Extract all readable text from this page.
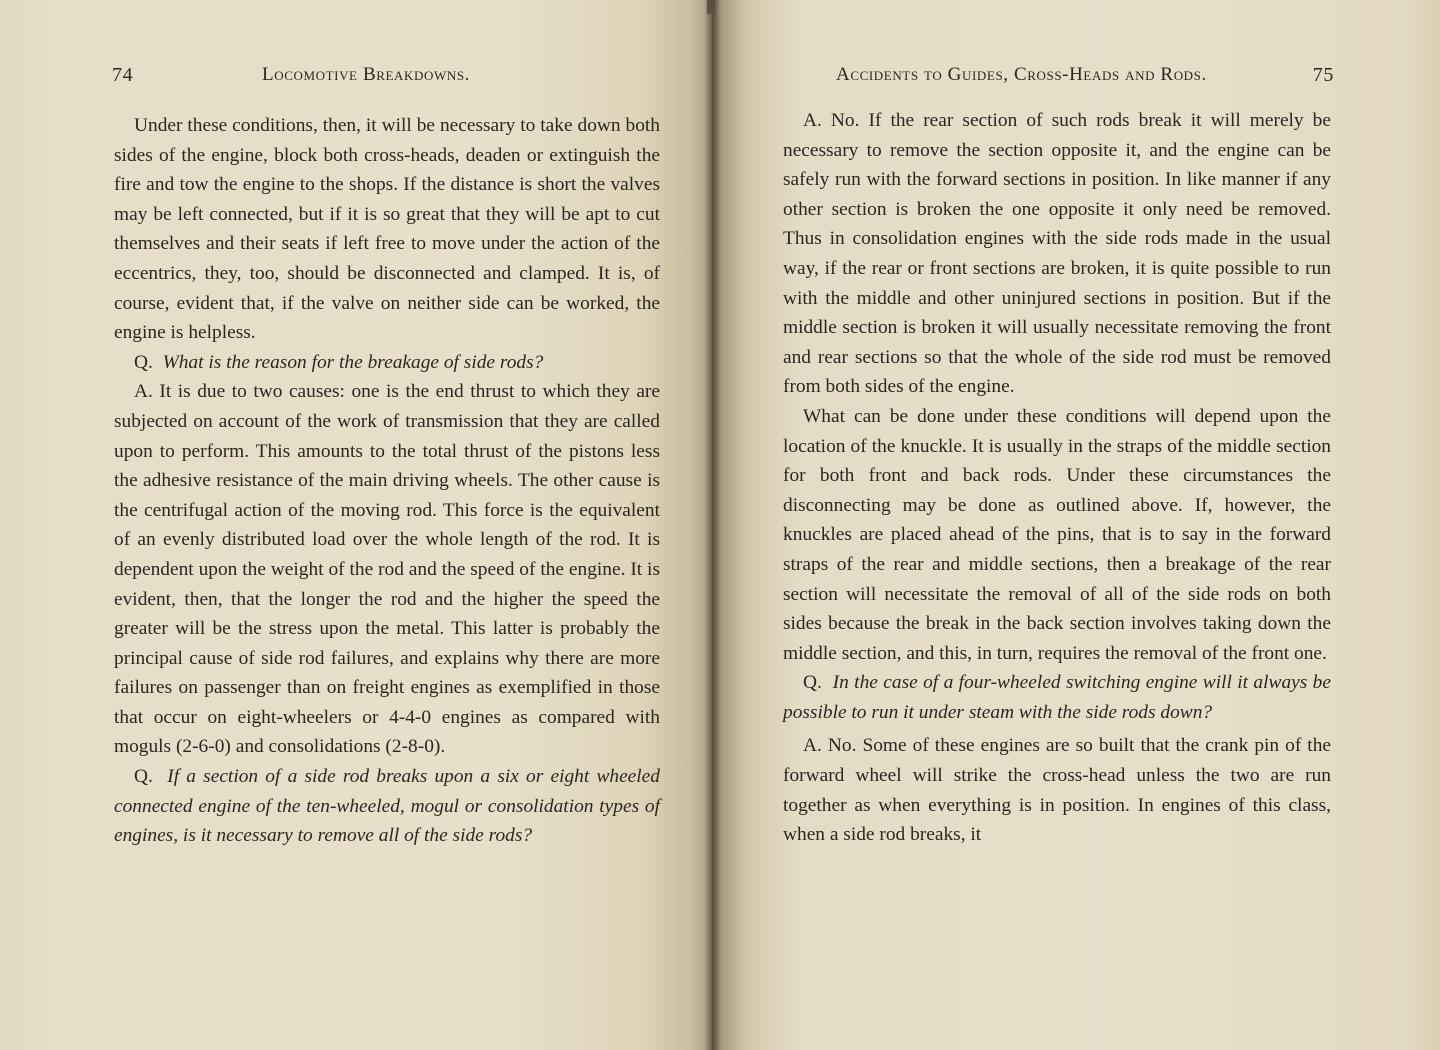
74	Locomotive Breakdowns.

Under these conditions, then, it will be necessary to take down both sides of the engine, block both cross-heads, deaden or extinguish the fire and tow the engine to the shops. If the distance is short the valves may be left connected, but if it is so great that they will be apt to cut themselves and their seats if left free to move under the action of the eccentrics, they, too, should be disconnected and clamped. It is, of course, evident that, if the valve on neither side can be worked, the engine is helpless.

Q. What is the reason for the breakage of side rods?

A. It is due to two causes: one is the end thrust to which they are subjected on account of the work of transmission that they are called upon to perform. This amounts to the total thrust of the pistons less the adhesive resistance of the main driving wheels. The other cause is the centrifugal action of the moving rod. This force is the equivalent of an evenly distributed load over the whole length of the rod. It is dependent upon the weight of the rod and the speed of the engine. It is evident, then, that the longer the rod and the higher the speed the greater will be the stress upon the metal. This latter is probably the principal cause of side rod failures, and explains why there are more failures on passenger than on freight engines as exemplified in those that occur on eight-wheelers or 4-4-0 engines as compared with moguls (2-6-0) and consolidations (2-8-0).

Q. If a section of a side rod breaks upon a six or eight wheeled connected engine of the ten-wheeled, mogul or consolidation types of engines, is it necessary to remove all of the side rods?

Accidents to Guides, Cross-Heads and Rods.	75

A. No. If the rear section of such rods break it will merely be necessary to remove the section opposite it, and the engine can be safely run with the forward sections in position. In like manner if any other section is broken the one opposite it only need be removed. Thus in consolidation engines with the side rods made in the usual way, if the rear or front sections are broken, it is quite possible to run with the middle and other uninjured sections in position. But if the middle section is broken it will usually necessitate removing the front and rear sections so that the whole of the side rod must be removed from both sides of the engine.

What can be done under these conditions will depend upon the location of the knuckle. It is usually in the straps of the middle section for both front and back rods. Under these circumstances the disconnecting may be done as outlined above. If, however, the knuckles are placed ahead of the pins, that is to say in the forward straps of the rear and middle sections, then a breakage of the rear section will necessitate the removal of all of the side rods on both sides because the break in the back section involves taking down the middle section, and this, in turn, requires the removal of the front one.

Q. In the case of a four-wheeled switching engine will it always be possible to run it under steam with the side rods down?

A. No. Some of these engines are so built that the crank pin of the forward wheel will strike the cross-head unless the two are run together as when everything is in position. In engines of this class, when a side rod breaks, it
